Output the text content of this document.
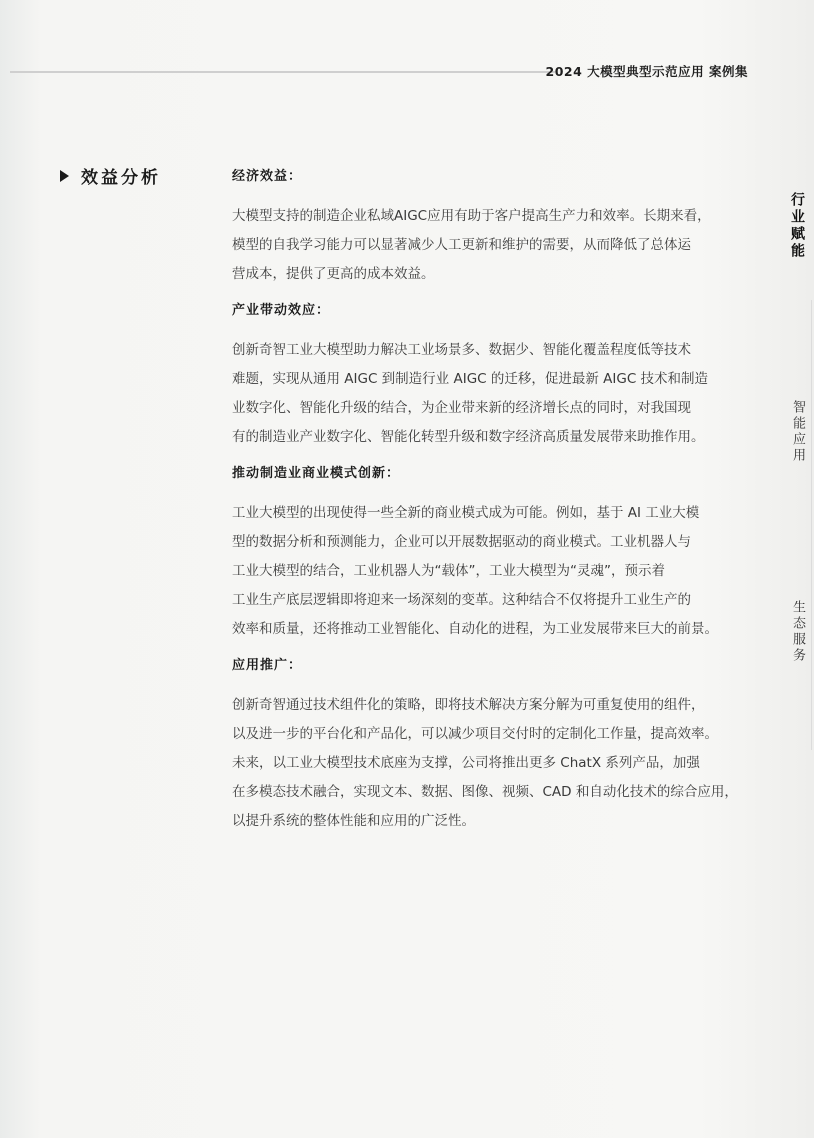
2024 大模型典型示范应用 案例集
效益分析	经济效益：

大模型支持的制造企业私域AIGC应用有助于客户提高生产力和效率。长期来看，

模型的自我学习能力可以显著减少人工更新和维护的需要，从而降低了总体运

营成本，提供了更高的成本效益。

产业带动效应：

创新奇智工业大模型助力解决工业场景多、数据少、智能化覆盖程度低等技术

难题，实现从通用 AIGC 到制造行业 AIGC 的迁移，促进最新 AIGC 技术和制造

业数字化、智能化升级的结合，为企业带来新的经济增长点的同时，对我国现

有的制造业产业数字化、智能化转型升级和数字经济高质量发展带来助推作用。

推动制造业商业模式创新：

工业大模型的出现使得一些全新的商业模式成为可能。例如，基于 AI 工业大模

型的数据分析和预测能力，企业可以开展数据驱动的商业模式。工业机器人与

工业大模型的结合，工业机器人为“载体”，工业大模型为“灵魂”，预示着

工业生产底层逻辑即将迎来一场深刻的变革。这种结合不仅将提升工业生产的

效率和质量，还将推动工业智能化、自动化的进程，为工业发展带来巨大的前景。

应用推广：

创新奇智通过技术组件化的策略，即将技术解决方案分解为可重复使用的组件，

以及进一步的平台化和产品化，可以减少项目交付时的定制化工作量，提高效率。

未来，以工业大模型技术底座为支撑，公司将推出更多 ChatX 系列产品，加强

在多模态技术融合，实现文本、数据、图像、视频、CAD 和自动化技术的综合应用，

以提升系统的整体性能和应用的广泛性。

行业赋能
智能应用
生态服务
